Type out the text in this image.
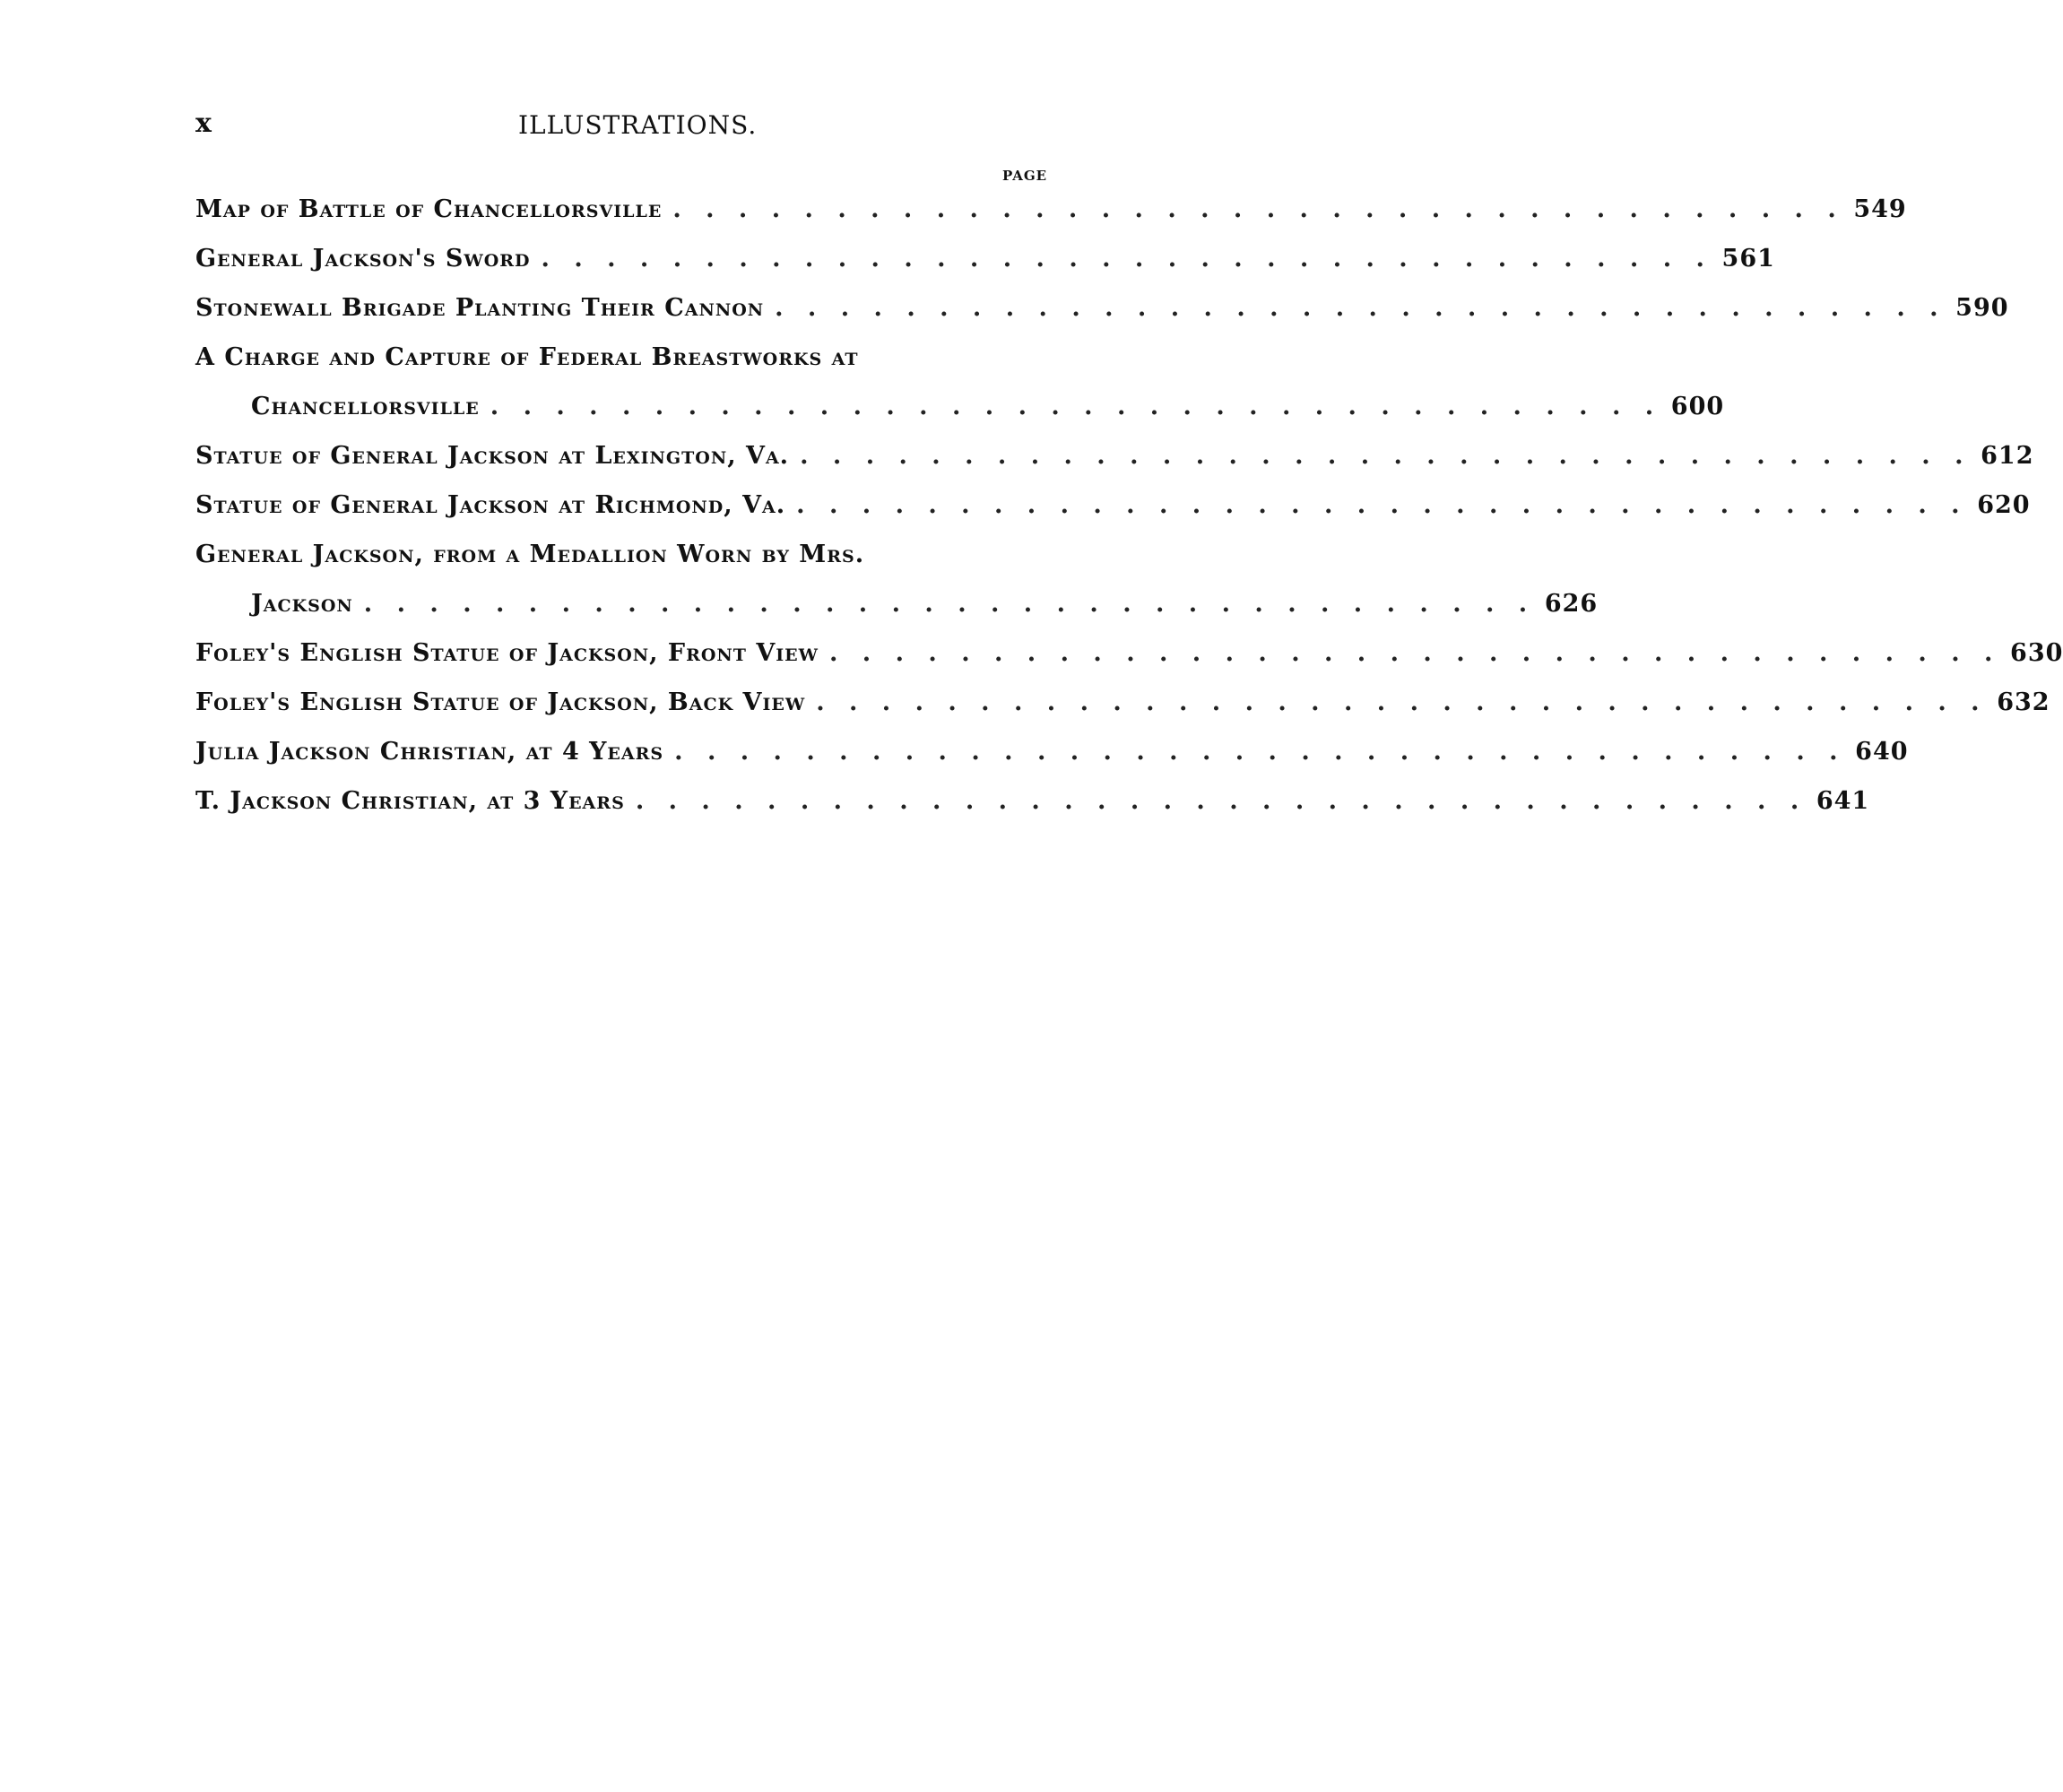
x	ILLUSTRATIONS.
PAGE
Map of Battle of Chancellorsville . . . . . . . . . . . . . . . . . . . . . . . . . . . . . . . . . . . . 549
General Jackson's Sword . . . . . . . . . . . . . . . . . . . . . . . . . . . . . . . . . . . . 561
Stonewall Brigade Planting Their Cannon . . . . . . . . . . . . . . . . . . . . . . . . . . . . . . . . . . . . 590
A Charge and Capture of Federal Breastworks at
Chancellorsville . . . . . . . . . . . . . . . . . . . . . . . . . . . . . . . . . . . . 600
Statue of General Jackson at Lexington, Va. . . . . . . . . . . . . . . . . . . . . . . . . . . . . . . . . . . . . 612
Statue of General Jackson at Richmond, Va. . . . . . . . . . . . . . . . . . . . . . . . . . . . . . . . . . . . . 620
General Jackson, from a Medallion Worn by Mrs.
Jackson . . . . . . . . . . . . . . . . . . . . . . . . . . . . . . . . . . . . 626
Foley's English Statue of Jackson, Front View . . . . . . . . . . . . . . . . . . . . . . . . . . . . . . . . . . . . 630
Foley's English Statue of Jackson, Back View . . . . . . . . . . . . . . . . . . . . . . . . . . . . . . . . . . . . 632
Julia Jackson Christian, at 4 Years . . . . . . . . . . . . . . . . . . . . . . . . . . . . . . . . . . . . 640
T. Jackson Christian, at 3 Years . . . . . . . . . . . . . . . . . . . . . . . . . . . . . . . . . . . . 641
